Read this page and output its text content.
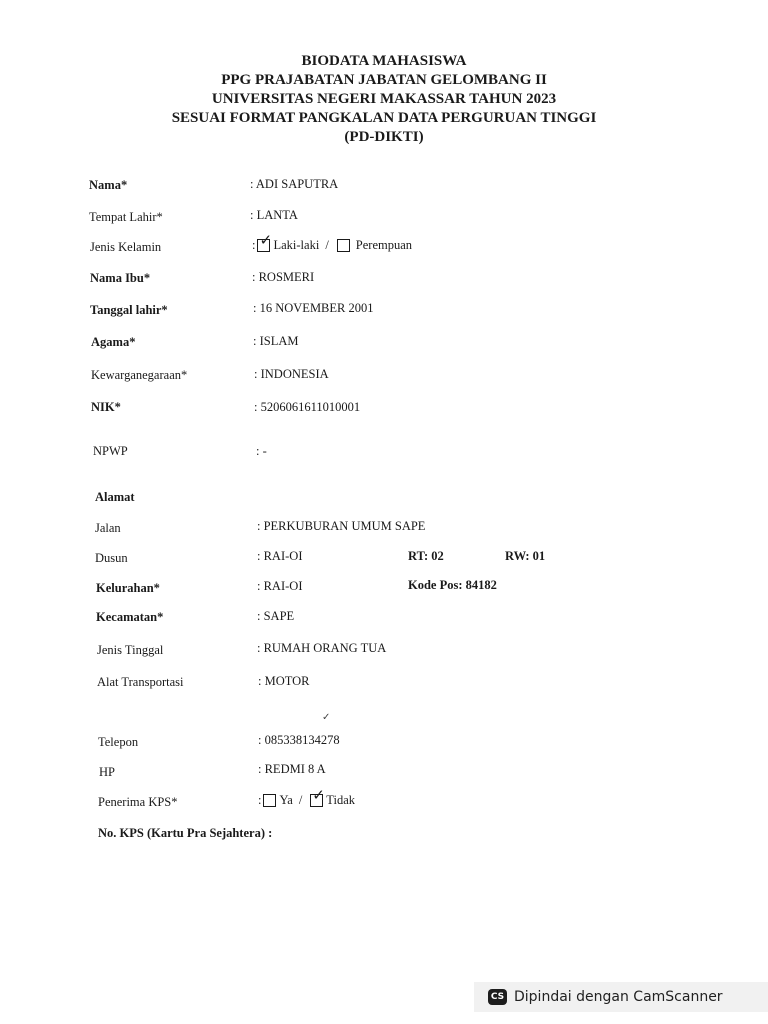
BIODATA MAHASISWA
PPG PRAJABATAN JABATAN GELOMBANG II
UNIVERSITAS NEGERI MAKASSAR TAHUN 2023
SESUAI FORMAT PANGKALAN DATA PERGURUAN TINGGI
(PD-DIKTI)
Nama*	: ADI SAPUTRA
Tempat Lahir*	: LANTA
Jenis Kelamin	: ✓ Laki-laki / Perempuan
Nama Ibu*	: ROSMERI
Tanggal lahir*	: 16 NOVEMBER 2001
Agama*	: ISLAM
Kewarganegaraan*	: INDONESIA
NIK*	: 5206061611010001
NPWP	: -
Alamat
Jalan	: PERKUBURAN UMUM SAPE
Dusun	: RAI-OI	RT: 02	RW: 01
Kelurahan*	: RAI-OI	Kode Pos: 84182
Kecamatan*	: SAPE
Jenis Tinggal	: RUMAH ORANG TUA
Alat Transportasi	: MOTOR
✓
Telepon	: 085338134278
HP	: REDMI 8 A
Penerima KPS*	: Ya / ✓ Tidak
No. KPS (Kartu Pra Sejahtera) :
CS Dipindai dengan CamScanner
